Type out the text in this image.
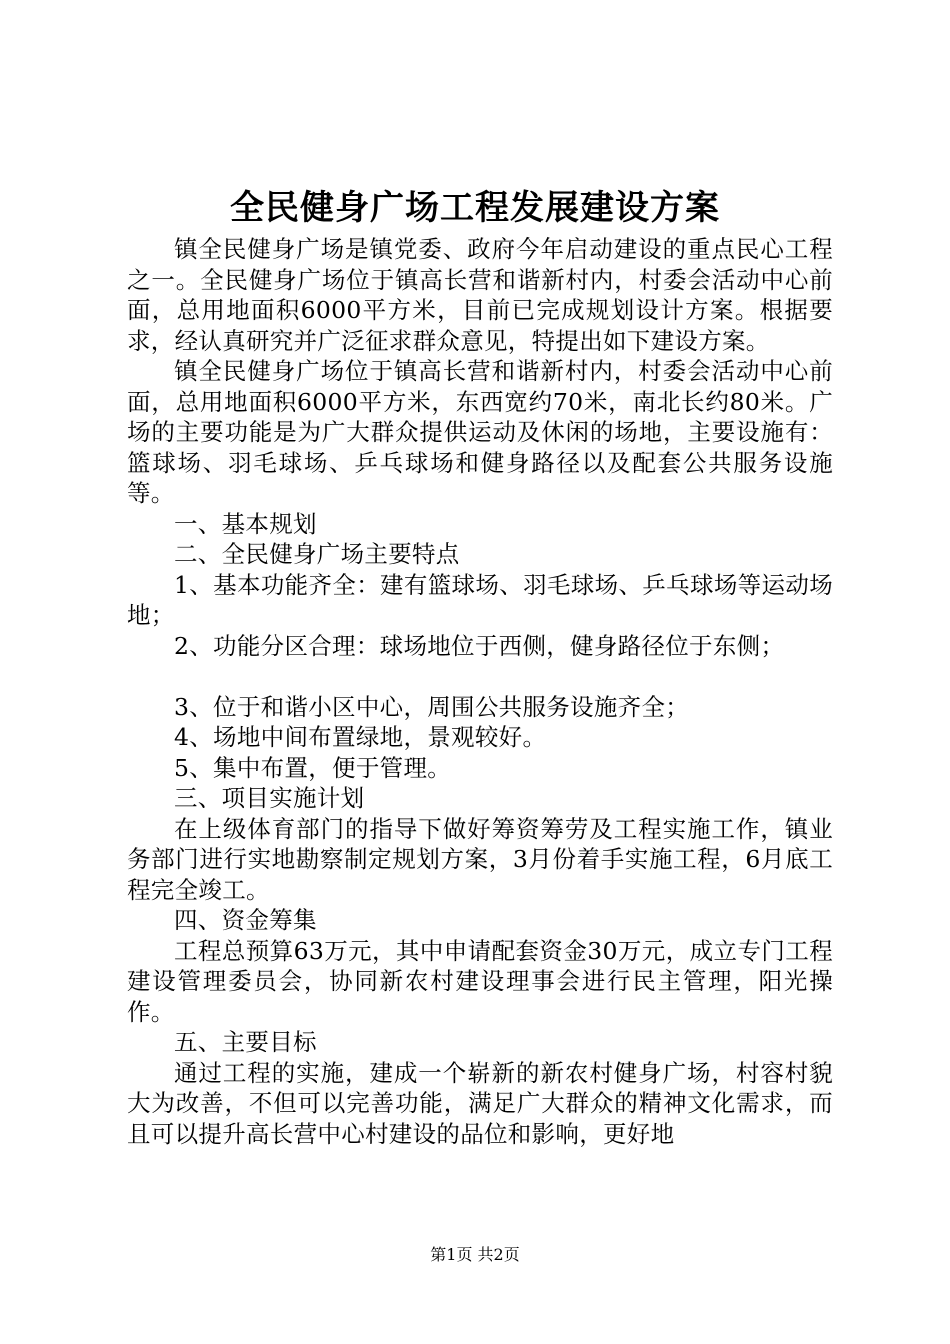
全民健身广场工程发展建设方案

镇全民健身广场是镇党委、政府今年启动建设的重点民心工程之一。全民健身广场位于镇高长营和谐新村内，村委会活动中心前面，总用地面积6000平方米，目前已完成规划设计方案。根据要求，经认真研究并广泛征求群众意见，特提出如下建设方案。

镇全民健身广场位于镇高长营和谐新村内，村委会活动中心前面，总用地面积6000平方米，东西宽约70米，南北长约80米。广场的主要功能是为广大群众提供运动及休闲的场地，主要设施有：篮球场、羽毛球场、乒乓球场和健身路径以及配套公共服务设施等。

一、基本规划

二、全民健身广场主要特点

1、基本功能齐全：建有篮球场、羽毛球场、乒乓球场等运动场地；

2、功能分区合理：球场地位于西侧，健身路径位于东侧；

3、位于和谐小区中心，周围公共服务设施齐全；

4、场地中间布置绿地，景观较好。

5、集中布置，便于管理。

三、项目实施计划

在上级体育部门的指导下做好筹资筹劳及工程实施工作，镇业务部门进行实地勘察制定规划方案，3月份着手实施工程，6月底工程完全竣工。

四、资金筹集

工程总预算63万元，其中申请配套资金30万元，成立专门工程建设管理委员会，协同新农村建设理事会进行民主管理，阳光操作。

五、主要目标

通过工程的实施，建成一个崭新的新农村健身广场，村容村貌大为改善，不但可以完善功能，满足广大群众的精神文化需求，而且可以提升高长营中心村建设的品位和影响，更好地

第1页 共2页
